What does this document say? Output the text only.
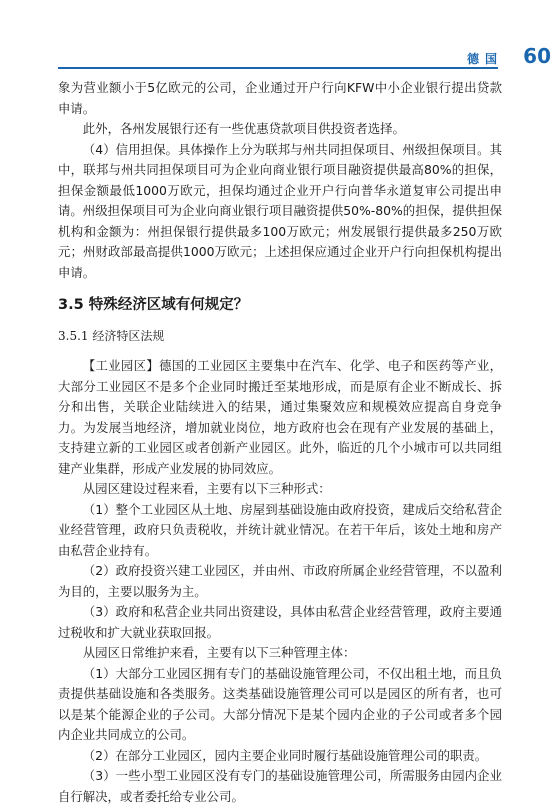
德国 60

象为营业额小于5亿欧元的公司，企业通过开户行向KFW中小企业银行提出贷款申请。

此外，各州发展银行还有一些优惠贷款项目供投资者选择。

（4）信用担保。具体操作上分为联邦与州共同担保项目、州级担保项目。其中，联邦与州共同担保项目可为企业向商业银行项目融资提供最高80%的担保，担保金额最低1000万欧元，担保均通过企业开户行向普华永道复审公司提出申请。州级担保项目可为企业向商业银行项目融资提供50%-80%的担保，提供担保机构和金额为：州担保银行提供最多100万欧元；州发展银行提供最多250万欧元；州财政部最高提供1000万欧元；上述担保应通过企业开户行向担保机构提出申请。

3.5 特殊经济区域有何规定？

3.5.1 经济特区法规

【工业园区】德国的工业园区主要集中在汽车、化学、电子和医药等产业，大部分工业园区不是多个企业同时搬迁至某地形成，而是原有企业不断成长、拆分和出售，关联企业陆续进入的结果，通过集聚效应和规模效应提高自身竞争力。为发展当地经济，增加就业岗位，地方政府也会在现有产业发展的基础上，支持建立新的工业园区或者创新产业园区。此外，临近的几个小城市可以共同组建产业集群，形成产业发展的协同效应。

从园区建设过程来看，主要有以下三种形式：

（1）整个工业园区从土地、房屋到基础设施由政府投资，建成后交给私营企业经营管理，政府只负责税收，并统计就业情况。在若干年后，该处土地和房产由私营企业持有。

（2）政府投资兴建工业园区，并由州、市政府所属企业经营管理，不以盈利为目的，主要以服务为主。

（3）政府和私营企业共同出资建设，具体由私营企业经营管理，政府主要通过税收和扩大就业获取回报。

从园区日常维护来看，主要有以下三种管理主体：

（1）大部分工业园区拥有专门的基础设施管理公司，不仅出租土地，而且负责提供基础设施和各类服务。这类基础设施管理公司可以是园区的所有者，也可以是某个能源企业的子公司。大部分情况下是某个园内企业的子公司或者多个园内企业共同成立的公司。

（2）在部分工业园区，园内主要企业同时履行基础设施管理公司的职责。

（3）一些小型工业园区没有专门的基础设施管理公司，所需服务由园内企业自行解决，或者委托给专业公司。
